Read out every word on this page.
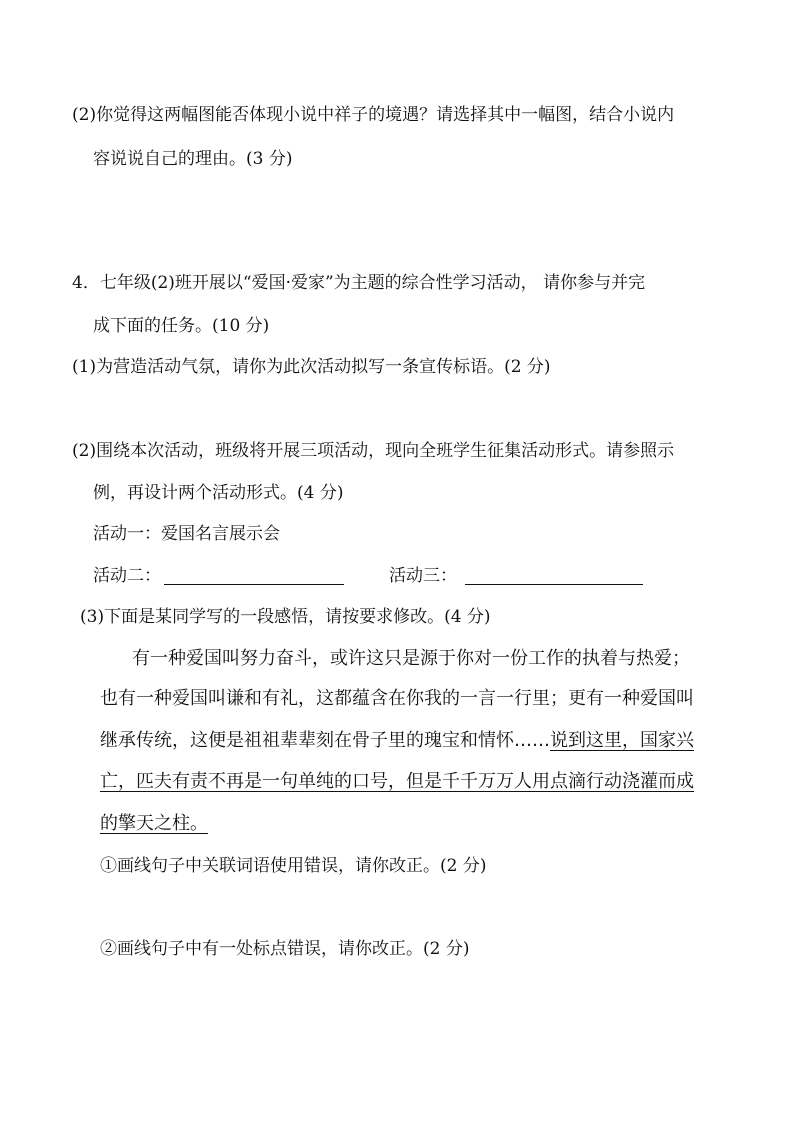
(2)你觉得这两幅图能否体现小说中祥子的境遇？请选择其中一幅图，结合小说内
容说说自己的理由。(3 分)
4．七年级(2)班开展以“爱国·爱家”为主题的综合性学习活动， 请你参与并完
成下面的任务。(10 分)
(1)为营造活动气氛，请你为此次活动拟写一条宣传标语。(2 分)
(2)围绕本次活动，班级将开展三项活动，现向全班学生征集活动形式。请参照示
例，再设计两个活动形式。(4 分)
活动一：爱国名言展示会
活动二：	活动三：
(3)下面是某同学写的一段感悟，请按要求修改。(4 分)
有一种爱国叫努力奋斗，或许这只是源于你对一份工作的执着与热爱；
也有一种爱国叫谦和有礼，这都蕴含在你我的一言一行里；更有一种爱国叫
继承传统，这便是祖祖辈辈刻在骨子里的瑰宝和情怀……说到这里，国家兴
亡，匹夫有责不再是一句单纯的口号，但是千千万万人用点滴行动浇灌而成
的擎天之柱。
①画线句子中关联词语使用错误，请你改正。(2 分)
②画线句子中有一处标点错误，请你改正。(2 分)
